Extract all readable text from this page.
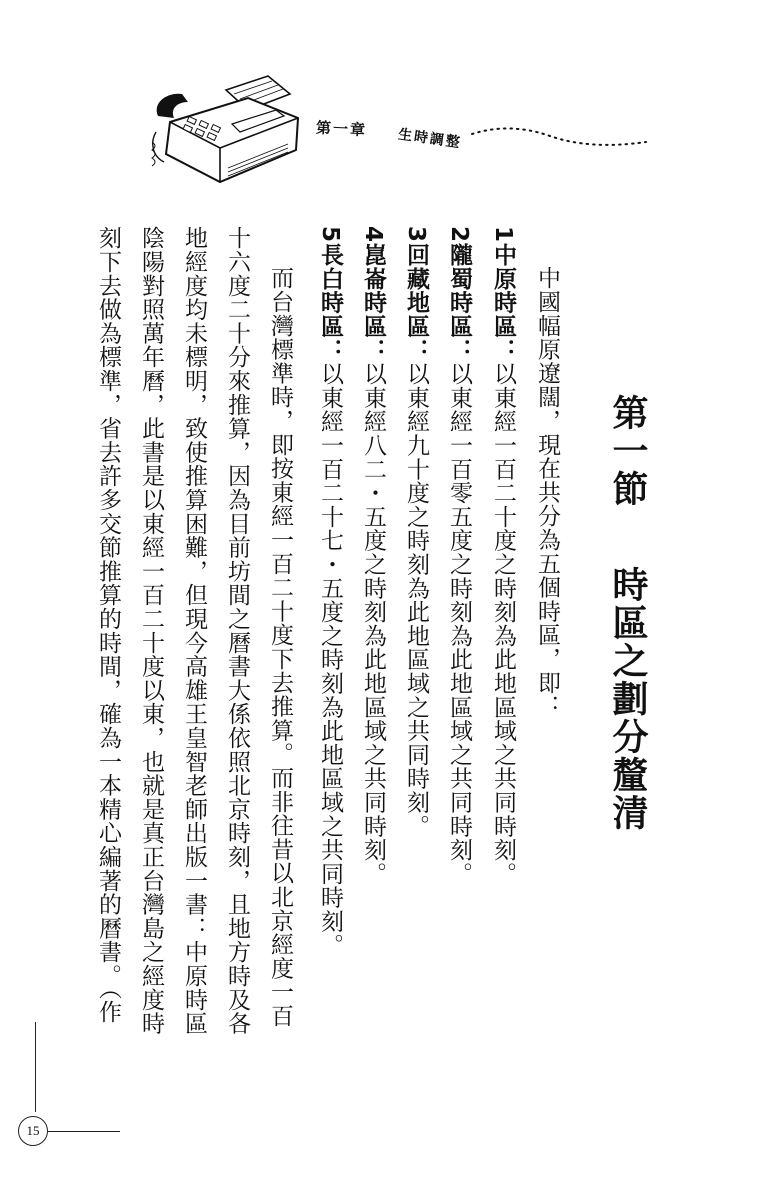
第一章 生時調整
第一節時區之劃分釐清
中國幅原遼闊，現在共分為五個時區，即：
1中原時區：以東經一百二十度之時刻為此地區域之共同時刻。
2隴蜀時區：以東經一百零五度之時刻為此地區域之共同時刻。
3回藏地區：以東經九十度之時刻為此地區域之共同時刻。
4崑崙時區：以東經八二・五度之時刻為此地區域之共同時刻。
5長白時區：以東經一百二十七・五度之時刻為此地區域之共同時刻。
而台灣標準時，即按東經一百二十度下去推算。而非往昔以北京經度一百
十六度二十分來推算，因為目前坊間之曆書大係依照北京時刻，且地方時及各
地經度均未標明，致使推算困難，但現今高雄王皇智老師出版一書：中原時區
陰陽對照萬年曆，此書是以東經一百二十度以東，也就是真正台灣島之經度時
刻下去做為標準，省去許多交節推算的時間，確為一本精心編著的曆書。（作
15
